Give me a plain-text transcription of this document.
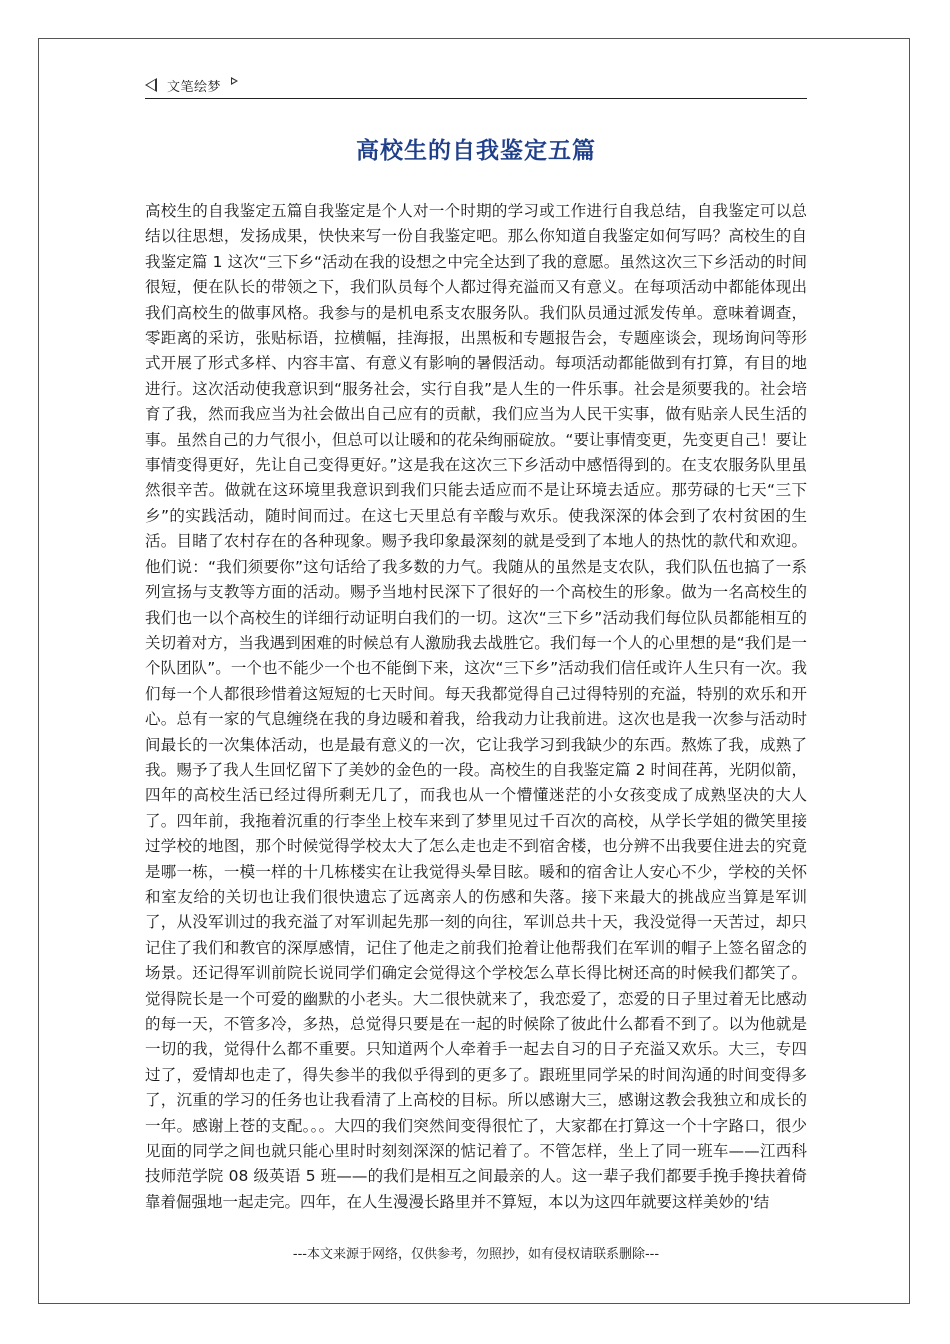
文笔绘梦
高校生的自我鉴定五篇

高校生的自我鉴定五篇自我鉴定是个人对一个时期的学习或工作进行自我总结，自我鉴定可以总结以往思想，发扬成果，快快来写一份自我鉴定吧。那么你知道自我鉴定如何写吗？高校生的自我鉴定篇 1 这次“三下乡“活动在我的设想之中完全达到了我的意愿。虽然这次三下乡活动的时间很短，便在队长的带领之下，我们队员每个人都过得充溢而又有意义。在每项活动中都能体现出我们高校生的做事风格。我参与的是机电系支农服务队。我们队员通过派发传单。意味着调查，零距离的采访，张贴标语，拉横幅，挂海报，出黑板和专题报告会，专题座谈会，现场询问等形式开展了形式多样、内容丰富、有意义有影响的暑假活动。每项活动都能做到有打算，有目的地进行。这次活动使我意识到“服务社会，实行自我”是人生的一件乐事。社会是须要我的。社会培育了我，然而我应当为社会做出自己应有的贡献，我们应当为人民干实事，做有贴亲人民生活的事。虽然自己的力气很小，但总可以让暖和的花朵绚丽碇放。“要让事情变更，先变更自己！要让事情变得更好，先让自己变得更好。”这是我在这次三下乡活动中感悟得到的。在支农服务队里虽然很辛苦。做就在这环境里我意识到我们只能去适应而不是让环境去适应。那劳碌的七天“三下乡”的实践活动，随时间而过。在这七天里总有辛酸与欢乐。使我深深的体会到了农村贫困的生活。目睹了农村存在的各种现象。赐予我印象最深刻的就是受到了本地人的热忱的款代和欢迎。他们说：“我们须要你”这句话给了我多数的力气。我随从的虽然是支农队，我们队伍也搞了一系列宣扬与支教等方面的活动。赐予当地村民深下了很好的一个高校生的形象。做为一名高校生的我们也一以个高校生的详细行动证明白我们的一切。这次“三下乡”活动我们每位队员都能相互的关切着对方，当我遇到困难的时候总有人激励我去战胜它。我们每一个人的心里想的是“我们是一个队团队”。一个也不能少一个也不能倒下来，这次“三下乡”活动我们信任或许人生只有一次。我们每一个人都很珍惜着这短短的七天时间。每天我都觉得自己过得特别的充溢，特别的欢乐和开心。总有一家的气息缠绕在我的身边暖和着我，给我动力让我前进。这次也是我一次参与活动时间最长的一次集体活动，也是最有意义的一次，它让我学习到我缺少的东西。熬炼了我，成熟了我。赐予了我人生回忆留下了美妙的金色的一段。高校生的自我鉴定篇 2 时间荏苒，光阴似箭，四年的高校生活已经过得所剩无几了，而我也从一个懵懂迷茫的小女孩变成了成熟坚决的大人了。四年前，我拖着沉重的行李坐上校车来到了梦里见过千百次的高校，从学长学姐的微笑里接过学校的地图，那个时候觉得学校太大了怎么走也走不到宿舍楼，也分辨不出我要住进去的究竟是哪一栋，一模一样的十几栋楼实在让我觉得头晕目眩。暖和的宿舍让人安心不少，学校的关怀和室友给的关切也让我们很快遗忘了远离亲人的伤感和失落。接下来最大的挑战应当算是军训了，从没军训过的我充溢了对军训起先那一刻的向往，军训总共十天，我没觉得一天苦过，却只记住了我们和教官的深厚感情，记住了他走之前我们抢着让他帮我们在军训的帽子上签名留念的场景。还记得军训前院长说同学们确定会觉得这个学校怎么草长得比树还高的时候我们都笑了。觉得院长是一个可爱的幽默的小老头。大二很快就来了，我恋爱了，恋爱的日子里过着无比感动的每一天，不管多冷，多热，总觉得只要是在一起的时候除了彼此什么都看不到了。以为他就是一切的我，觉得什么都不重要。只知道两个人牵着手一起去自习的日子充溢又欢乐。大三，专四过了，爱情却也走了，得失参半的我似乎得到的更多了。跟班里同学呆的时间沟通的时间变得多了，沉重的学习的任务也让我看清了上高校的目标。所以感谢大三，感谢这教会我独立和成长的一年。感谢上苍的支配。。。大四的我们突然间变得很忙了，大家都在打算这一个十字路口，很少见面的同学之间也就只能心里时时刻刻深深的惦记着了。不管怎样，坐上了同一班车——江西科技师范学院 08 级英语 5 班——的我们是相互之间最亲的人。这一辈子我们都要手挽手搀扶着倚靠着倔强地一起走完。四年，在人生漫漫长路里并不算短，本以为这四年就要这样美妙的'结

---本文来源于网络，仅供参考，勿照抄，如有侵权请联系删除---
